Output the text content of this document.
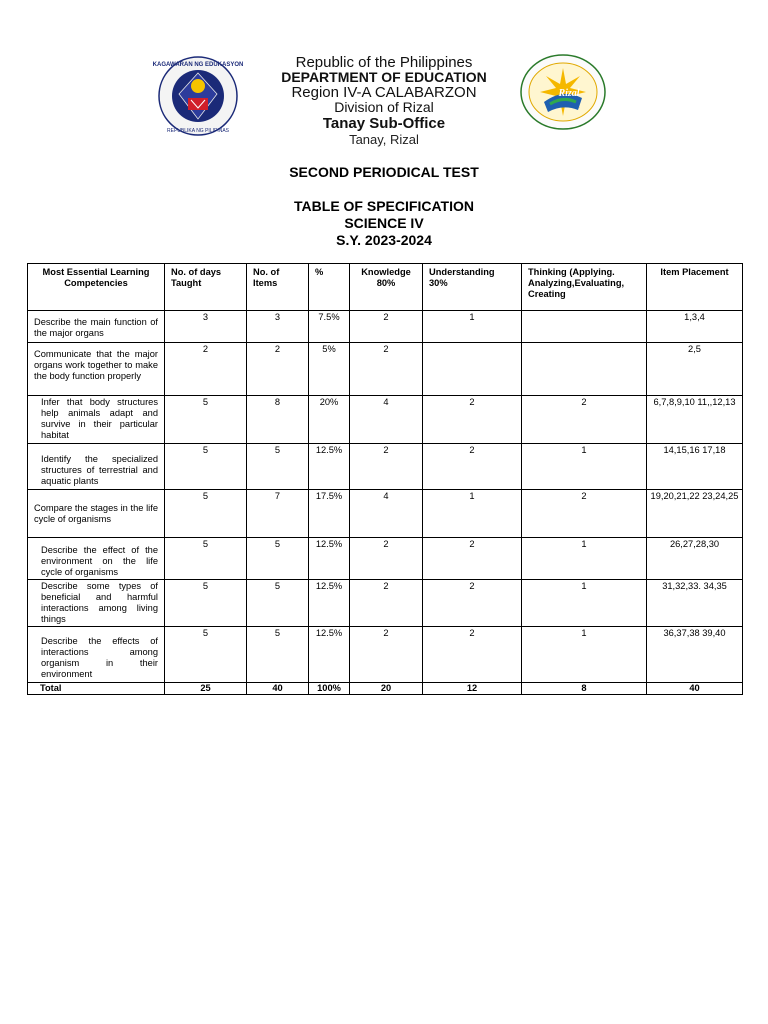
KAGAWARAN NG EDUKASYON
REPUBLIKA NG PILIPINAS
Republic of the Philippines
DEPARTMENT OF EDUCATION
Region IV-A CALABARZON
Division of Rizal
Tanay Sub-Office
Tanay, Rizal
Rizal
SECOND PERIODICAL TEST
TABLE OF SPECIFICATION
SCIENCE IV
S.Y. 2023-2024
Most Essential Learning Competencies	No. of days Taught	No. of Items	%	Knowledge 80%	Understanding 30%	Thinking (Applying. Analyzing,Evaluating, Creating	Item Placement
Describe the main function of the major organs	3	3	7.5%	2	1		1,3,4
Communicate that the major organs work together to make the body function properly	2	2	5%	2			2,5
Infer that body structures help animals adapt and survive in their particular habitat	5	8	20%	4	2	2	6,7,8,9,10 11,,12,13
Identify the specialized structures of terrestrial and aquatic plants	5	5	12.5%	2	2	1	14,15,16 17,18
Compare the stages in the life cycle of organisms	5	7	17.5%	4	1	2	19,20,21,22 23,24,25
Describe the effect of the environment on the life cycle of organisms	5	5	12.5%	2	2	1	26,27,28,30
Describe some types of beneficial and harmful interactions among living things	5	5	12.5%	2	2	1	31,32,33. 34,35
Describe the effects of interactions among organism in their environment	5	5	12.5%	2	2	1	36,37,38 39,40
Total	25	40	100%	20	12	8	40
